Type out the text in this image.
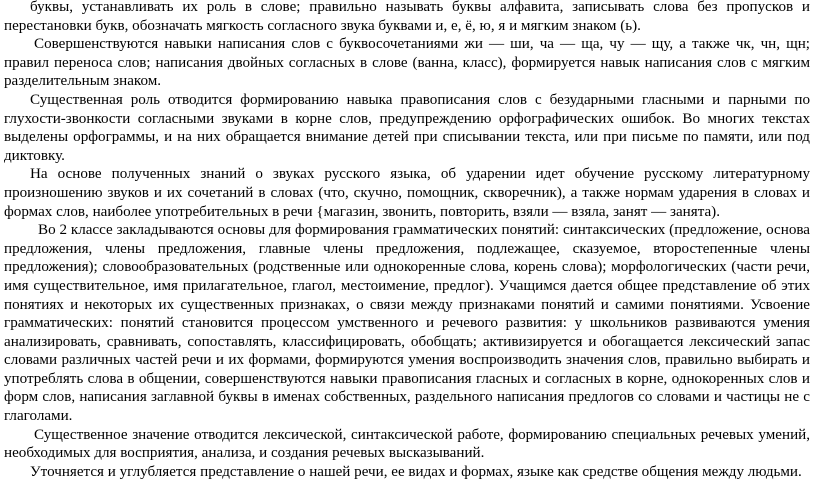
буквы, устанавливать их роль в слове; правильно называть буквы алфавита, записывать слова без пропусков и перестановки букв, обозначать мягкость согласного звука буквами и, е, ё, ю, я и мягким знаком (ь).

Совершенствуются навыки написания слов с буквосочетаниями жи — ши, ча — ща, чу — щу, а также чк, чн, щн; правил переноса слов; написания двойных согласных в слове (ванна, класс), формируется навык написания слов с мягким разделительным знаком.

Существенная роль отводится формированию навыка правописания слов с безударными гласными и парными по глухости-звонкости согласными звуками в корне слов, предупреждению орфографических ошибок. Во многих текстах выделены орфограммы, и на них обращается внимание детей при списывании текста, или при письме по памяти, или под диктовку.

На основе полученных знаний о звуках русского языка, об ударении идет обучение русскому литературному произношению звуков и их сочетаний в словах (что, скучно, помощник, скворечник), а также нормам ударения в словах и формах слов, наиболее употребительных в речи {магазин, звонить, повторить, взяли — взяла, занят — занята).

Во 2 классе закладываются основы для формирования грамматических понятий: синтаксических (предложение, основа предложения, члены предложения, главные члены предложения, подлежащее, сказуемое, второстепенные члены предложения); словообразовательных (родственные или однокоренные слова, корень слова); морфологических (части речи, имя существительное, имя прилагательное, глагол, местоимение, предлог). Учащимся дается общее представление об этих понятиях и некоторых их существенных признаках, о связи между признаками понятий и самими понятиями. Усвоение грамматических: понятий становится процессом умственного и речевого развития: у школьников развиваются умения анализировать, сравнивать, сопоставлять, классифицировать, обобщать; активизируется и обогащается лексический запас словами различных частей речи и их формами, формируются умения воспроизводить значения слов, правильно выбирать и употреблять слова в общении, совершенствуются навыки правописания гласных и согласных в корне, однокоренных слов и форм слов, написания заглавной буквы в именах собственных, раздельного написания предлогов со словами и частицы не с глаголами.

Существенное значение отводится лексической, синтаксической работе, формированию специальных речевых умений, необходимых для восприятия, анализа, и создания речевых высказываний.

Уточняется и углубляется представление о нашей речи, ее видах и формах, языке как средстве общения между людьми.
